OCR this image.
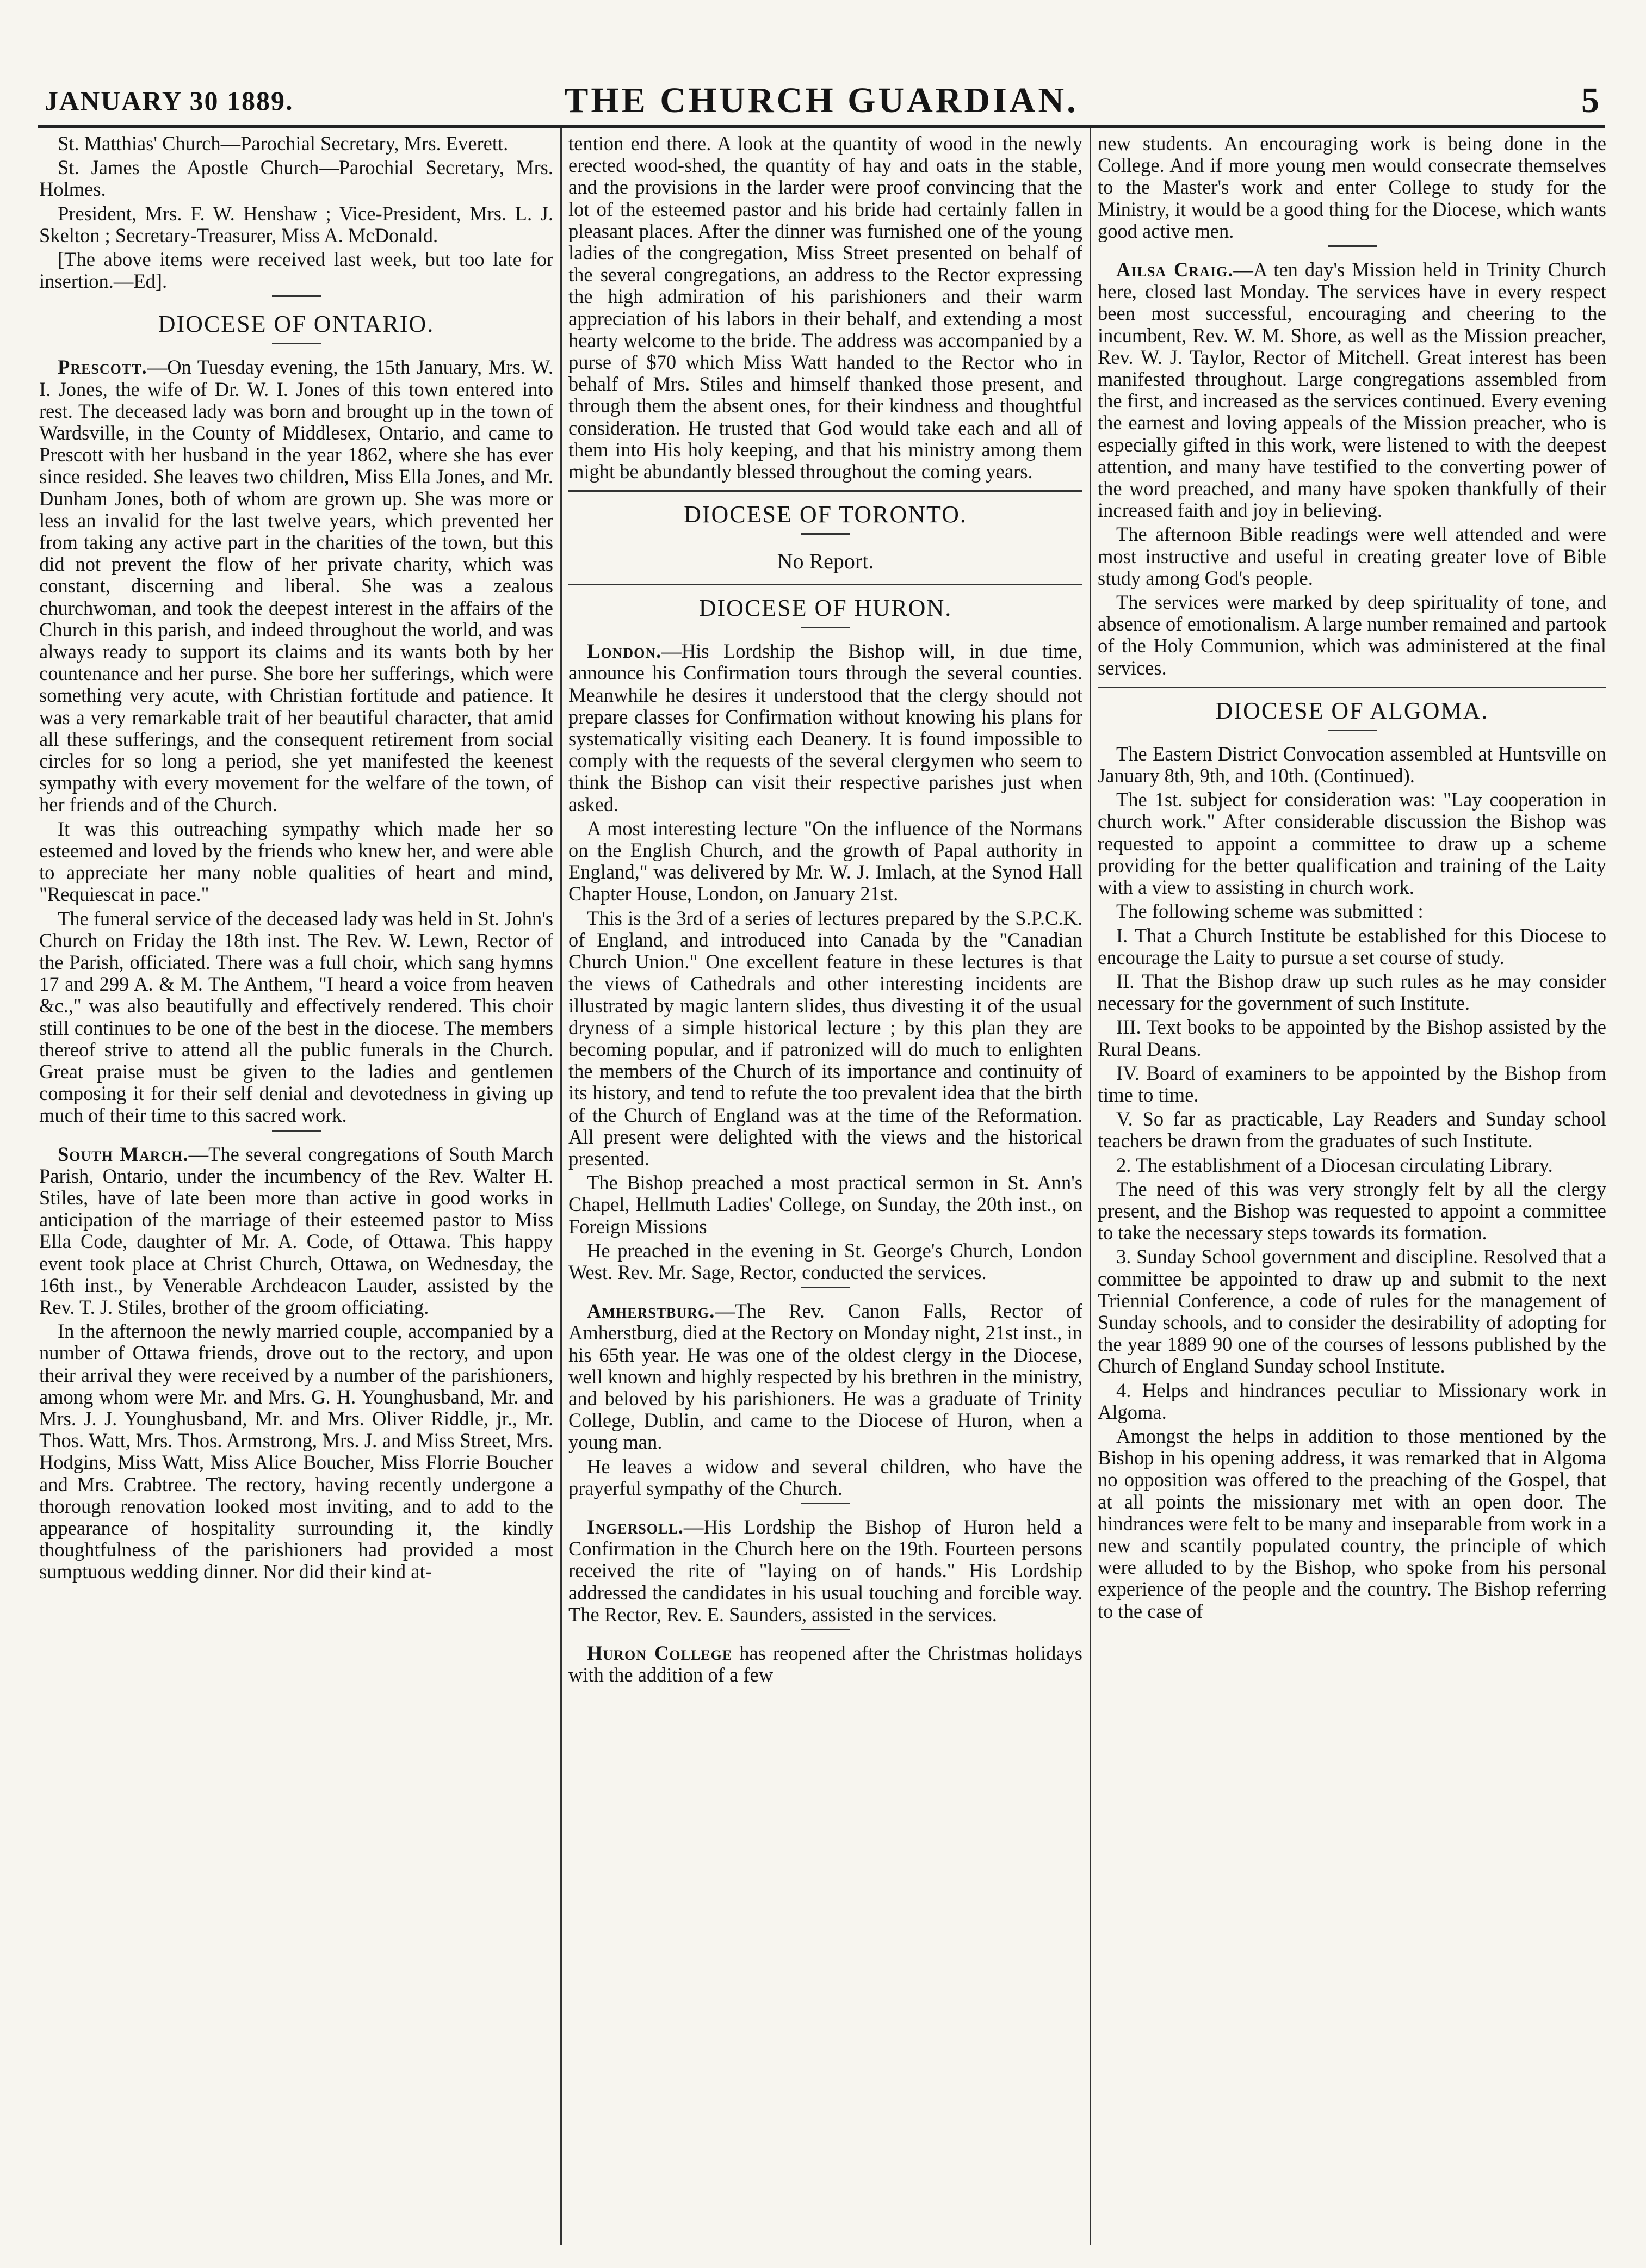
THE CHURCH GUARDIAN.
JANUARY 30 1889.	5

St. Matthias' Church—Parochial Secretary, Mrs. Everett.

St. James the Apostle Church—Parochial Secretary, Mrs. Holmes.

President, Mrs. F. W. Henshaw ; Vice-President, Mrs. L. J. Skelton ; Secretary-Treasurer, Miss A. McDonald.

[The above items were received last week, but too late for insertion.—Ed].

DIOCESE OF ONTARIO.

Prescott.—On Tuesday evening, the 15th January, Mrs. W. I. Jones, the wife of Dr. W. I. Jones of this town entered into rest. The deceased lady was born and brought up in the town of Wardsville, in the County of Middlesex, Ontario, and came to Prescott with her husband in the year 1862, where she has ever since resided. She leaves two children, Miss Ella Jones, and Mr. Dunham Jones, both of whom are grown up. She was more or less an invalid for the last twelve years, which prevented her from taking any active part in the charities of the town, but this did not prevent the flow of her private charity, which was constant, discerning and liberal. She was a zealous churchwoman, and took the deepest interest in the affairs of the Church in this parish, and indeed throughout the world, and was always ready to support its claims and its wants both by her countenance and her purse. She bore her sufferings, which were something very acute, with Christian fortitude and patience. It was a very remarkable trait of her beautiful character, that amid all these sufferings, and the consequent retirement from social circles for so long a period, she yet manifested the keenest sympathy with every movement for the welfare of the town, of her friends and of the Church.

It was this outreaching sympathy which made her so esteemed and loved by the friends who knew her, and were able to appreciate her many noble qualities of heart and mind, "Requiescat in pace."

The funeral service of the deceased lady was held in St. John's Church on Friday the 18th inst. The Rev. W. Lewn, Rector of the Parish, officiated. There was a full choir, which sang hymns 17 and 299 A. & M. The Anthem, "I heard a voice from heaven &c.," was also beautifully and effectively rendered. This choir still continues to be one of the best in the diocese. The members thereof strive to attend all the public funerals in the Church. Great praise must be given to the ladies and gentlemen composing it for their self denial and devotedness in giving up much of their time to this sacred work.

South March.—The several congregations of South March Parish, Ontario, under the incumbency of the Rev. Walter H. Stiles, have of late been more than active in good works in anticipation of the marriage of their esteemed pastor to Miss Ella Code, daughter of Mr. A. Code, of Ottawa. This happy event took place at Christ Church, Ottawa, on Wednesday, the 16th inst., by Venerable Archdeacon Lauder, assisted by the Rev. T. J. Stiles, brother of the groom officiating.

In the afternoon the newly married couple, accompanied by a number of Ottawa friends, drove out to the rectory, and upon their arrival they were received by a number of the parishioners, among whom were Mr. and Mrs. G. H. Younghusband, Mr. and Mrs. J. J. Younghusband, Mr. and Mrs. Oliver Riddle, jr., Mr. Thos. Watt, Mrs. Thos. Armstrong, Mrs. J. and Miss Street, Mrs. Hodgins, Miss Watt, Miss Alice Boucher, Miss Florrie Boucher and Mrs. Crabtree. The rectory, having recently undergone a thorough renovation looked most inviting, and to add to the appearance of hospitality surrounding it, the kindly thoughtfulness of the parishioners had provided a most sumptuous wedding dinner. Nor did their kind at-

tention end there. A look at the quantity of wood in the newly erected wood-shed, the quantity of hay and oats in the stable, and the provisions in the larder were proof convincing that the lot of the esteemed pastor and his bride had certainly fallen in pleasant places. After the dinner was furnished one of the young ladies of the congregation, Miss Street presented on behalf of the several congregations, an address to the Rector expressing the high admiration of his parishioners and their warm appreciation of his labors in their behalf, and extending a most hearty welcome to the bride. The address was accompanied by a purse of $70 which Miss Watt handed to the Rector who in behalf of Mrs. Stiles and himself thanked those present, and through them the absent ones, for their kindness and thoughtful consideration. He trusted that God would take each and all of them into His holy keeping, and that his ministry among them might be abundantly blessed throughout the coming years.

DIOCESE OF TORONTO.
No Report.
DIOCESE OF HURON.

London.—His Lordship the Bishop will, in due time, announce his Confirmation tours through the several counties. Meanwhile he desires it understood that the clergy should not prepare classes for Confirmation without knowing his plans for systematically visiting each Deanery. It is found impossible to comply with the requests of the several clergymen who seem to think the Bishop can visit their respective parishes just when asked.

A most interesting lecture "On the influence of the Normans on the English Church, and the growth of Papal authority in England," was delivered by Mr. W. J. Imlach, at the Synod Hall Chapter House, London, on January 21st.

This is the 3rd of a series of lectures prepared by the S.P.C.K. of England, and introduced into Canada by the "Canadian Church Union." One excellent feature in these lectures is that the views of Cathedrals and other interesting incidents are illustrated by magic lantern slides, thus divesting it of the usual dryness of a simple historical lecture ; by this plan they are becoming popular, and if patronized will do much to enlighten the members of the Church of its importance and continuity of its history, and tend to refute the too prevalent idea that the birth of the Church of England was at the time of the Reformation. All present were delighted with the views and the historical presented.

The Bishop preached a most practical sermon in St. Ann's Chapel, Hellmuth Ladies' College, on Sunday, the 20th inst., on Foreign Missions

He preached in the evening in St. George's Church, London West. Rev. Mr. Sage, Rector, conducted the services.

Amherstburg.—The Rev. Canon Falls, Rector of Amherstburg, died at the Rectory on Monday night, 21st inst., in his 65th year. He was one of the oldest clergy in the Diocese, well known and highly respected by his brethren in the ministry, and beloved by his parishioners. He was a graduate of Trinity College, Dublin, and came to the Diocese of Huron, when a young man.

He leaves a widow and several children, who have the prayerful sympathy of the Church.

Ingersoll.—His Lordship the Bishop of Huron held a Confirmation in the Church here on the 19th. Fourteen persons received the rite of "laying on of hands." His Lordship addressed the candidates in his usual touching and forcible way. The Rector, Rev. E. Saunders, assisted in the services.

Huron College has reopened after the Christmas holidays with the addition of a few

new students. An encouraging work is being done in the College. And if more young men would consecrate themselves to the Master's work and enter College to study for the Ministry, it would be a good thing for the Diocese, which wants good active men.

Ailsa Craig.—A ten day's Mission held in Trinity Church here, closed last Monday. The services have in every respect been most successful, encouraging and cheering to the incumbent, Rev. W. M. Shore, as well as the Mission preacher, Rev. W. J. Taylor, Rector of Mitchell. Great interest has been manifested throughout. Large congregations assembled from the first, and increased as the services continued. Every evening the earnest and loving appeals of the Mission preacher, who is especially gifted in this work, were listened to with the deepest attention, and many have testified to the converting power of the word preached, and many have spoken thankfully of their increased faith and joy in believing.

The afternoon Bible readings were well attended and were most instructive and useful in creating greater love of Bible study among God's people.

The services were marked by deep spirituality of tone, and absence of emotionalism. A large number remained and partook of the Holy Communion, which was administered at the final services.

DIOCESE OF ALGOMA.

The Eastern District Convocation assembled at Huntsville on January 8th, 9th, and 10th. (Continued).

The 1st. subject for consideration was: "Lay cooperation in church work." After considerable discussion the Bishop was requested to appoint a committee to draw up a scheme providing for the better qualification and training of the Laity with a view to assisting in church work.

The following scheme was submitted :

I. That a Church Institute be established for this Diocese to encourage the Laity to pursue a set course of study.

II. That the Bishop draw up such rules as he may consider necessary for the government of such Institute.

III. Text books to be appointed by the Bishop assisted by the Rural Deans.

IV. Board of examiners to be appointed by the Bishop from time to time.

V. So far as practicable, Lay Readers and Sunday school teachers be drawn from the graduates of such Institute.

2. The establishment of a Diocesan circulating Library.

The need of this was very strongly felt by all the clergy present, and the Bishop was requested to appoint a committee to take the necessary steps towards its formation.

3. Sunday School government and discipline. Resolved that a committee be appointed to draw up and submit to the next Triennial Conference, a code of rules for the management of Sunday schools, and to consider the desirability of adopting for the year 1889 90 one of the courses of lessons published by the Church of England Sunday school Institute.

4. Helps and hindrances peculiar to Missionary work in Algoma.

Amongst the helps in addition to those mentioned by the Bishop in his opening address, it was remarked that in Algoma no opposition was offered to the preaching of the Gospel, that at all points the missionary met with an open door. The hindrances were felt to be many and inseparable from work in a new and scantily populated country, the principle of which were alluded to by the Bishop, who spoke from his personal experience of the people and the country. The Bishop referring to the case of
